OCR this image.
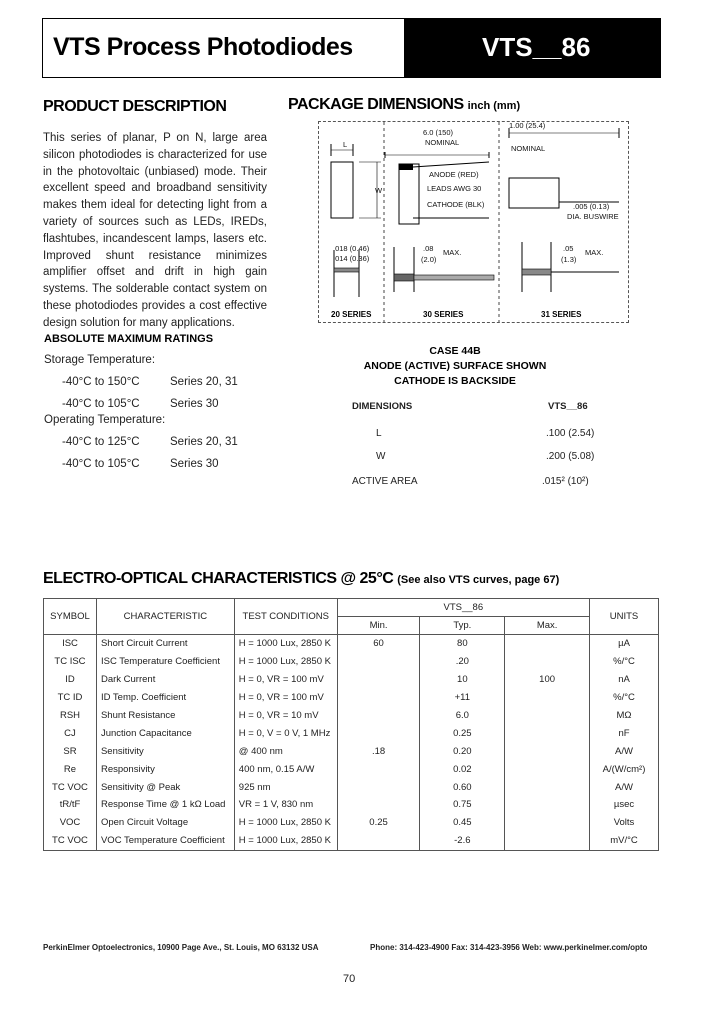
VTS Process Photodiodes	VTS__86
PRODUCT DESCRIPTION
This series of planar, P on N, large area silicon photodiodes is characterized for use in the photovoltaic (unbiased) mode. Their excellent speed and broadband sensitivity makes them ideal for detecting light from a variety of sources such as LEDs, IREDs, flashtubes, incandescent lamps, lasers etc. Improved shunt resistance minimizes amplifier offset and drift in high gain systems. The solderable contact system on these photodiodes provides a cost effective design solution for many applications.
ABSOLUTE MAXIMUM RATINGS
Storage Temperature:
-40°C to 150°C	Series 20, 31
-40°C to 105°C	Series 30
Operating Temperature:
-40°C to 125°C	Series 20, 31
-40°C to 105°C	Series 30
PACKAGE DIMENSIONS inch (mm)
L
W
.018 (0.46)
.014 (0.36)
6.0 (150)
NOMINAL
ANODE (RED)
LEADS AWG 30
CATHODE (BLK)
.08
(2.0)
MAX.
1.00 (25.4)
NOMINAL
.005 (0.13)
DIA. BUSWIRE
.05
(1.3)
MAX.
20 SERIES	30 SERIES	31 SERIES
CASE 44B
ANODE (ACTIVE) SURFACE SHOWN
CATHODE IS BACKSIDE
DIMENSIONS	VTS__86
L	.100 (2.54)
W	.200 (5.08)
ACTIVE AREA	.015² (10²)
ELECTRO-OPTICAL CHARACTERISTICS @ 25°C (See also VTS curves, page 67)
SYMBOL	CHARACTERISTIC	TEST CONDITIONS	VTS__86			UNITS
			Min.	Typ.	Max.	
ISC	Short Circuit Current	H = 1000 Lux, 2850 K	60	80		µA
TC ISC	ISC Temperature Coefficient	H = 1000 Lux, 2850 K		.20		%/°C
ID	Dark Current	H = 0, VR = 100 mV		10	100	nA
TC ID	ID Temp. Coefficient	H = 0, VR = 100 mV		+11		%/°C
RSH	Shunt Resistance	H = 0, VR = 10 mV		6.0		MΩ
CJ	Junction Capacitance	H = 0, V = 0 V, 1 MHz		0.25		nF
SR	Sensitivity	@ 400 nm	.18	0.20		A/W
Re	Responsivity	400 nm, 0.15 A/W		0.02		A/(W/cm²)
TC VOC	Sensitivity @ Peak	925 nm		0.60		A/W
tR/tF	Response Time @ 1 kΩ Load	VR = 1 V, 830 nm		0.75		µsec
VOC	Open Circuit Voltage	H = 1000 Lux, 2850 K	0.25	0.45		Volts
TC VOC	VOC Temperature Coefficient	H = 1000 Lux, 2850 K		-2.6		mV/°C
PerkinElmer Optoelectronics, 10900 Page Ave., St. Louis, MO 63132 USA	Phone: 314-423-4900 Fax: 314-423-3956 Web: www.perkinelmer.com/opto
70
